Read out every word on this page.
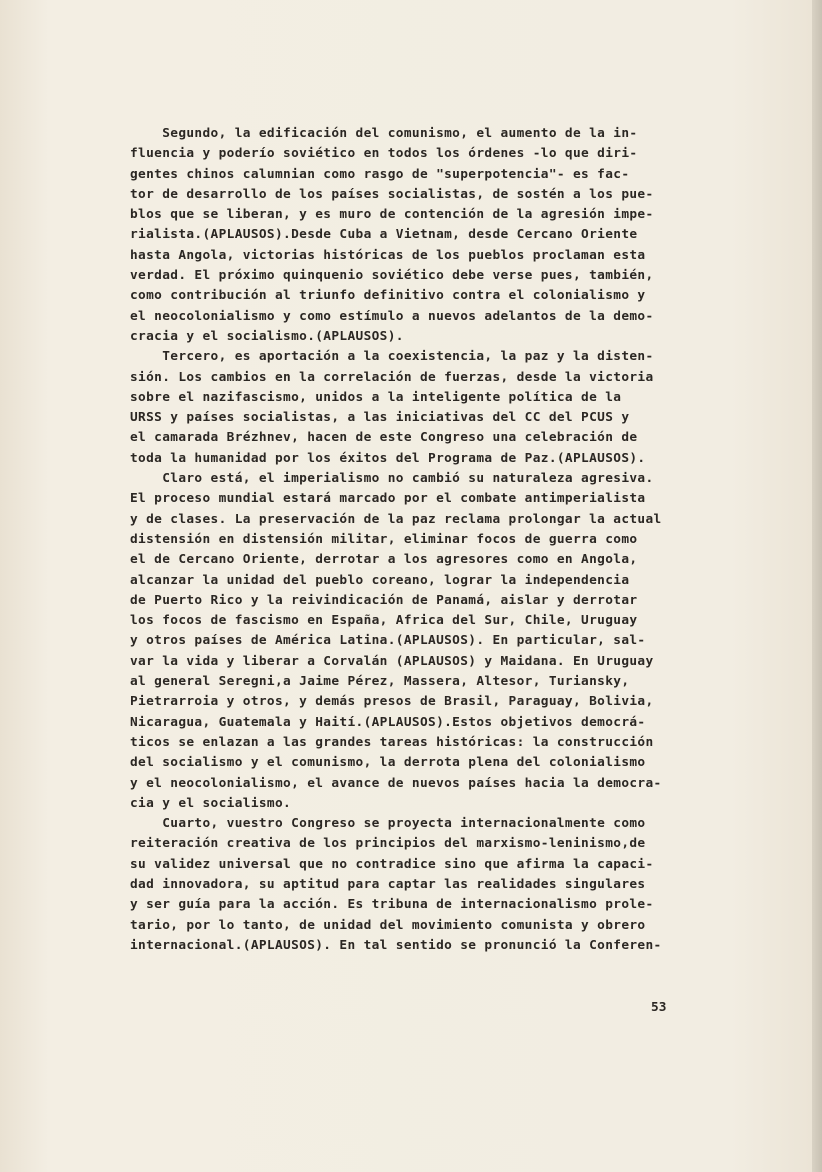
Segundo, la edificación del comunismo, el aumento de la in-
fluencia y poderío soviético en todos los órdenes -lo que diri-
gentes chinos calumnian como rasgo de "superpotencia"- es fac-
tor de desarrollo de los países socialistas, de sostén a los pue-
blos que se liberan, y es muro de contención de la agresión impe-
rialista.(APLAUSOS).Desde Cuba a Vietnam, desde Cercano Oriente
hasta Angola, victorias históricas de los pueblos proclaman esta
verdad. El próximo quinquenio soviético debe verse pues, también,
como contribución al triunfo definitivo contra el colonialismo y
el neocolonialismo y como estímulo a nuevos adelantos de la demo-
cracia y el socialismo.(APLAUSOS).
Tercero, es aportación a la coexistencia, la paz y la disten-
sión. Los cambios en la correlación de fuerzas, desde la victoria
sobre el nazifascismo, unidos a la inteligente política de la
URSS y países socialistas, a las iniciativas del CC del PCUS y
el camarada Brézhnev, hacen de este Congreso una celebración de
toda la humanidad por los éxitos del Programa de Paz.(APLAUSOS).
Claro está, el imperialismo no cambió su naturaleza agresiva.
El proceso mundial estará marcado por el combate antimperialista
y de clases. La preservación de la paz reclama prolongar la actual
distensión en distensión militar, eliminar focos de guerra como
el de Cercano Oriente, derrotar a los agresores como en Angola,
alcanzar la unidad del pueblo coreano, lograr la independencia
de Puerto Rico y la reivindicación de Panamá, aislar y derrotar
los focos de fascismo en España, Africa del Sur, Chile, Uruguay
y otros países de América Latina.(APLAUSOS). En particular, sal-
var la vida y liberar a Corvalán (APLAUSOS) y Maidana. En Uruguay
al general Seregni,a Jaime Pérez, Massera, Altesor, Turiansky,
Pietrarroia y otros, y demás presos de Brasil, Paraguay, Bolivia,
Nicaragua, Guatemala y Haití.(APLAUSOS).Estos objetivos democrá-
ticos se enlazan a las grandes tareas históricas: la construcción
del socialismo y el comunismo, la derrota plena del colonialismo
y el neocolonialismo, el avance de nuevos países hacia la democra-
cia y el socialismo.
Cuarto, vuestro Congreso se proyecta internacionalmente como
reiteración creativa de los principios del marxismo-leninismo,de
su validez universal que no contradice sino que afirma la capaci-
dad innovadora, su aptitud para captar las realidades singulares
y ser guía para la acción. Es tribuna de internacionalismo prole-
tario, por lo tanto, de unidad del movimiento comunista y obrero
internacional.(APLAUSOS). En tal sentido se pronunció la Conferen-
53
